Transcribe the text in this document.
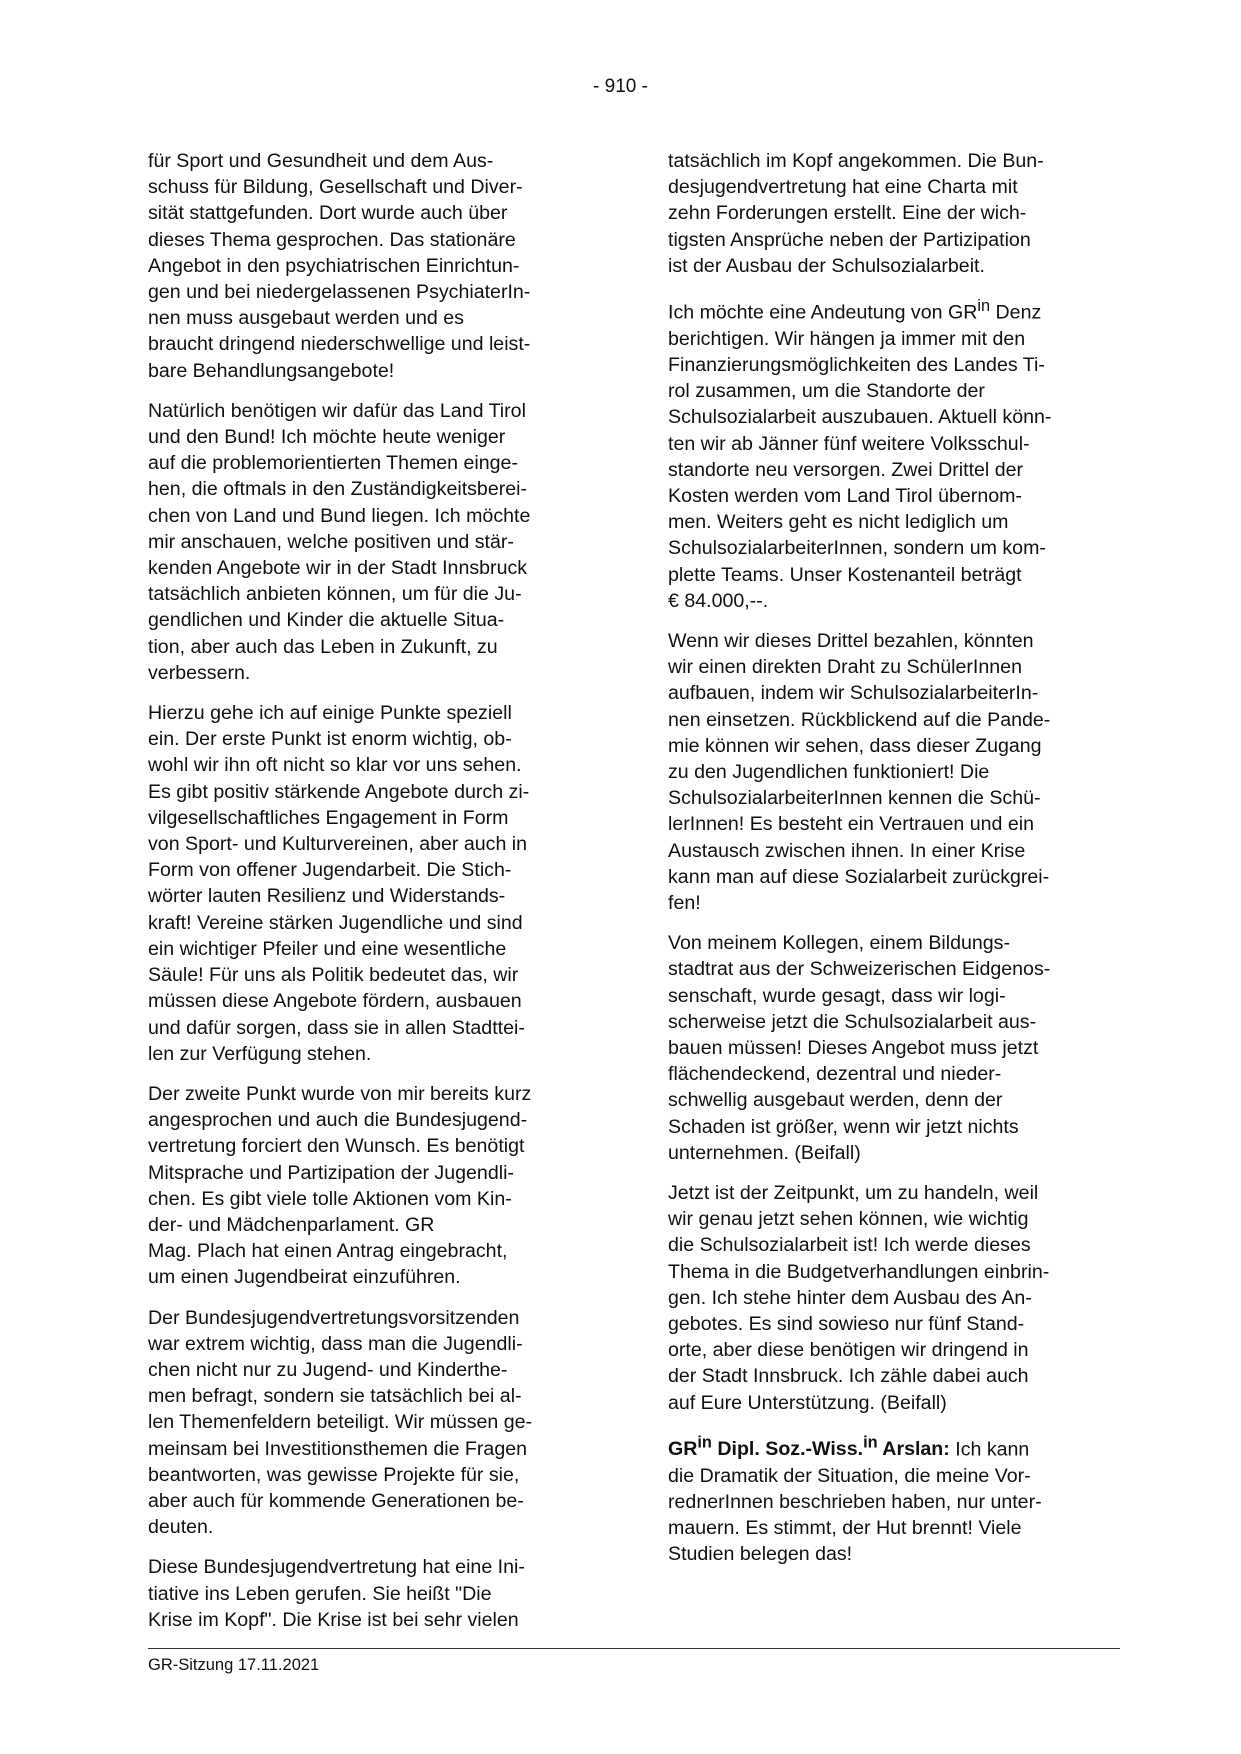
- 910 -

für Sport und Gesundheit und dem Aus-
schuss für Bildung, Gesellschaft und Diver-
sität stattgefunden. Dort wurde auch über
dieses Thema gesprochen. Das stationäre
Angebot in den psychiatrischen Einrichtun-
gen und bei niedergelassenen PsychiaterIn-
nen muss ausgebaut werden und es
braucht dringend niederschwellige und leist-
bare Behandlungsangebote!

Natürlich benötigen wir dafür das Land Tirol
und den Bund! Ich möchte heute weniger
auf die problemorientierten Themen einge-
hen, die oftmals in den Zuständigkeitsberei-
chen von Land und Bund liegen. Ich möchte
mir anschauen, welche positiven und stär-
kenden Angebote wir in der Stadt Innsbruck
tatsächlich anbieten können, um für die Ju-
gendlichen und Kinder die aktuelle Situa-
tion, aber auch das Leben in Zukunft, zu
verbessern.

Hierzu gehe ich auf einige Punkte speziell
ein. Der erste Punkt ist enorm wichtig, ob-
wohl wir ihn oft nicht so klar vor uns sehen.
Es gibt positiv stärkende Angebote durch zi-
vilgesellschaftliches Engagement in Form
von Sport- und Kulturvereinen, aber auch in
Form von offener Jugendarbeit. Die Stich-
wörter lauten Resilienz und Widerstands-
kraft! Vereine stärken Jugendliche und sind
ein wichtiger Pfeiler und eine wesentliche
Säule! Für uns als Politik bedeutet das, wir
müssen diese Angebote fördern, ausbauen
und dafür sorgen, dass sie in allen Stadttei-
len zur Verfügung stehen.

Der zweite Punkt wurde von mir bereits kurz
angesprochen und auch die Bundesjugend-
vertretung forciert den Wunsch. Es benötigt
Mitsprache und Partizipation der Jugendli-
chen. Es gibt viele tolle Aktionen vom Kin-
der- und Mädchenparlament. GR
Mag. Plach hat einen Antrag eingebracht,
um einen Jugendbeirat einzuführen.

Der Bundesjugendvertretungsvorsitzenden
war extrem wichtig, dass man die Jugendli-
chen nicht nur zu Jugend- und Kinderthe-
men befragt, sondern sie tatsächlich bei al-
len Themenfeldern beteiligt. Wir müssen ge-
meinsam bei Investitionsthemen die Fragen
beantworten, was gewisse Projekte für sie,
aber auch für kommende Generationen be-
deuten.

Diese Bundesjugendvertretung hat eine Ini-
tiative ins Leben gerufen. Sie heißt "Die
Krise im Kopf". Die Krise ist bei sehr vielen

tatsächlich im Kopf angekommen. Die Bun-
desjugendvertretung hat eine Charta mit
zehn Forderungen erstellt. Eine der wich-
tigsten Ansprüche neben der Partizipation
ist der Ausbau der Schulsozialarbeit.

Ich möchte eine Andeutung von $GR^{in}$ Denz
berichtigen. Wir hängen ja immer mit den
Finanzierungsmöglichkeiten des Landes Ti-
rol zusammen, um die Standorte der
Schulsozialarbeit auszubauen. Aktuell könn-
ten wir ab Jänner fünf weitere Volksschul-
standorte neu versorgen. Zwei Drittel der
Kosten werden vom Land Tirol übernom-
men. Weiters geht es nicht lediglich um
SchulsozialarbeiterInnen, sondern um kom-
plette Teams. Unser Kostenanteil beträgt
€ 84.000,--.

Wenn wir dieses Drittel bezahlen, könnten
wir einen direkten Draht zu SchülerInnen
aufbauen, indem wir SchulsozialarbeiterIn-
nen einsetzen. Rückblickend auf die Pande-
mie können wir sehen, dass dieser Zugang
zu den Jugendlichen funktioniert! Die
SchulsozialarbeiterInnen kennen die Schü-
lerInnen! Es besteht ein Vertrauen und ein
Austausch zwischen ihnen. In einer Krise
kann man auf diese Sozialarbeit zurückgrei-
fen!

Von meinem Kollegen, einem Bildungs-
stadtrat aus der Schweizerischen Eidgenos-
senschaft, wurde gesagt, dass wir logi-
scherweise jetzt die Schulsozialarbeit aus-
bauen müssen! Dieses Angebot muss jetzt
flächendeckend, dezentral und nieder-
schwellig ausgebaut werden, denn der
Schaden ist größer, wenn wir jetzt nichts
unternehmen. (Beifall)

Jetzt ist der Zeitpunkt, um zu handeln, weil
wir genau jetzt sehen können, wie wichtig
die Schulsozialarbeit ist! Ich werde dieses
Thema in die Budgetverhandlungen einbrin-
gen. Ich stehe hinter dem Ausbau des An-
gebotes. Es sind sowieso nur fünf Stand-
orte, aber diese benötigen wir dringend in
der Stadt Innsbruck. Ich zähle dabei auch
auf Eure Unterstützung. (Beifall)

$GR^{in}$ Dipl. Soz.-Wiss.$^{in}$ Arslan: Ich kann
die Dramatik der Situation, die meine Vor-
rednerInnen beschrieben haben, nur unter-
mauern. Es stimmt, der Hut brennt! Viele
Studien belegen das!

GR-Sitzung 17.11.2021
